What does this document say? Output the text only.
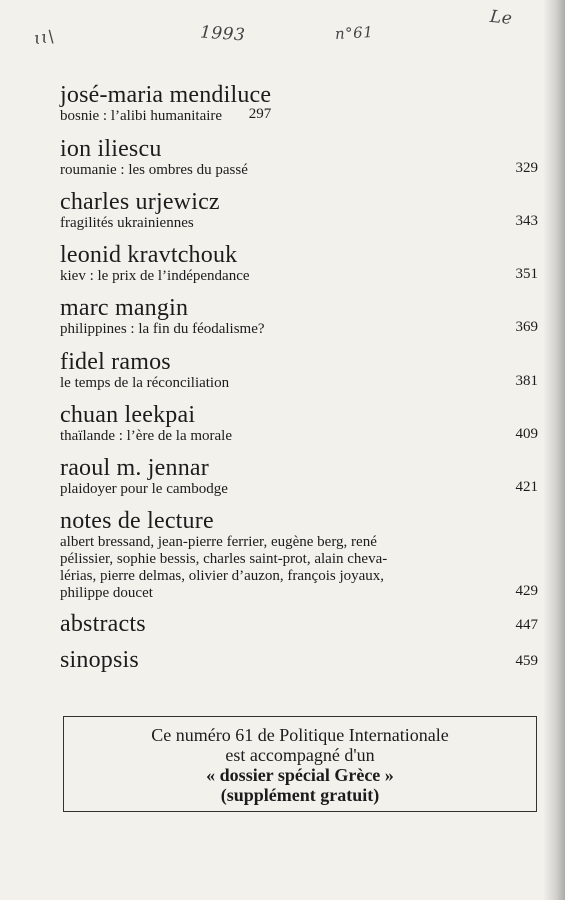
ɩɩ\	1993	n°61
Le
josé-maria mendiluce
bosnie : l’alibi humanitaire	297
ion iliescu
roumanie : les ombres du passé	329
charles urjewicz
fragilités ukrainiennes	343
leonid kravtchouk
kiev : le prix de l’indépendance	351
marc mangin
philippines : la fin du féodalisme?	369
fidel ramos
le temps de la réconciliation	381
chuan leekpai
thaïlande : l’ère de la morale	409
raoul m. jennar
plaidoyer pour le cambodge	421
notes de lecture
albert bressand, jean-pierre ferrier, eugène berg, rené
pélissier, sophie bessis, charles saint-prot, alain cheva-
lérias, pierre delmas, olivier d’auzon, françois joyaux,
philippe doucet	429
abstracts	447
sinopsis	459
Ce numéro 61 de Politique Internationale
est accompagné d'un
« dossier spécial Grèce »
(supplément gratuit)
